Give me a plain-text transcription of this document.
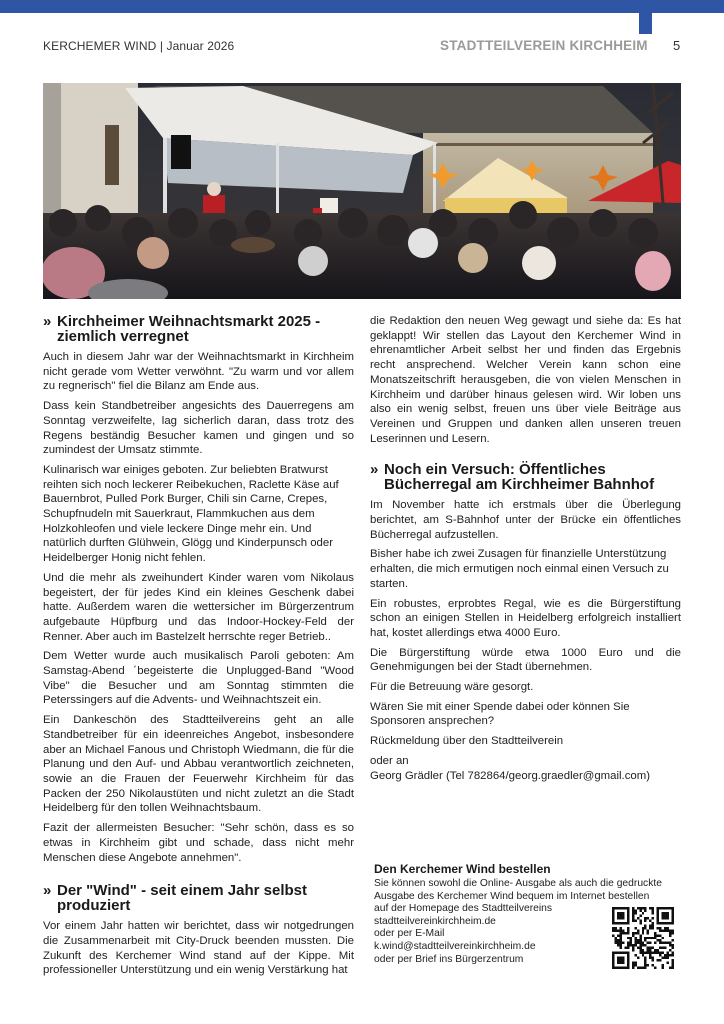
KERCHEMER WIND | Januar 2026	STADTTEILVEREIN KIRCHHEIM 5
» Kirchheimer Weihnachtsmarkt 2025 - ziemlich verregnet

Auch in diesem Jahr war der Weihnachtsmarkt in Kirchheim nicht gerade vom Wetter verwöhnt. "Zu warm und vor allem zu regnerisch" fiel die Bilanz am Ende aus.

Dass kein Standbetreiber angesichts des Dauerregens am Sonntag verzweifelte, lag sicherlich daran, dass trotz des Regens beständig Besucher kamen und gingen und so zumindest der Umsatz stimmte.

Kulinarisch war einiges geboten. Zur beliebten Bratwurst reihten sich noch leckerer Reibekuchen, Raclette Käse auf Bauernbrot, Pulled Pork Burger, Chili sin Carne, Crepes, Schupfnudeln mit Sauerkraut, Flammkuchen aus dem Holzkohleofen und viele leckere Dinge mehr ein. Und natürlich durften Glühwein, Glögg und Kinderpunsch oder Heidelberger Honig nicht fehlen.

Und die mehr als zweihundert Kinder waren vom Nikolaus begeistert, der für jedes Kind ein kleines Geschenk dabei hatte. Außerdem waren die wettersicher im Bürgerzentrum aufgebaute Hüpfburg und das Indoor-Hockey-Feld der Renner. Aber auch im Bastelzelt herrschte reger Betrieb..

Dem Wetter wurde auch musikalisch Paroli geboten: Am Samstag-Abend ´begeisterte die Unplugged-Band "Wood Vibe" die Besucher und am Sonntag stimmten die Peterssingers auf die Advents- und Weihnachtszeit ein.

Ein Dankeschön des Stadtteilvereins geht an alle Standbetreiber für ein ideenreiches Angebot, insbesondere aber an Michael Fanous und Christoph Wiedmann, die für die Planung und den Auf- und Abbau verantwortlich zeichneten, sowie an die Frauen der Feuerwehr Kirchheim für das Packen der 250 Nikolaustüten und nicht zuletzt an die Stadt Heidelberg für den tollen Weihnachtsbaum.

Fazit der allermeisten Besucher: "Sehr schön, dass es so etwas in Kirchheim gibt und schade, dass nicht mehr Menschen diese Angebote annehmen".

» Der "Wind" - seit einem Jahr selbst produziert

Vor einem Jahr hatten wir berichtet, dass wir notgedrungen die Zusammenarbeit mit City-Druck beenden mussten. Die Zukunft des Kerchemer Wind stand auf der Kippe. Mit professioneller Unterstützung und ein wenig Verstärkung hat

die Redaktion den neuen Weg gewagt und siehe da: Es hat geklappt! Wir stellen das Layout den Kerchemer Wind in ehrenamtlicher Arbeit selbst her und finden das Ergebnis recht ansprechend. Welcher Verein kann schon eine Monatszeitschrift herausgeben, die von vielen Menschen in Kirchheim und darüber hinaus gelesen wird. Wir loben uns also ein wenig selbst, freuen uns über viele Beiträge aus Vereinen und Gruppen und danken allen unseren treuen Leserinnen und Lesern.

» Noch ein Versuch: Öffentliches Bücherregal am Kirchheimer Bahnhof

Im November hatte ich erstmals über die Überlegung berichtet, am S-Bahnhof unter der Brücke ein öffentliches Bücherregal aufzustellen.

Bisher habe ich zwei Zusagen für finanzielle Unterstützung erhalten, die mich ermutigen noch einmal einen Versuch zu starten.

Ein robustes, erprobtes Regal, wie es die Bürgerstiftung schon an einigen Stellen in Heidelberg erfolgreich installiert hat, kostet allerdings etwa 4000 Euro.

Die Bürgerstiftung würde etwa 1000 Euro und die Genehmigungen bei der Stadt übernehmen.

Für die Betreuung wäre gesorgt.

Wären Sie mit einer Spende dabei oder können Sie Sponsoren ansprechen?

Rückmeldung über den Stadtteilverein

oder an

Georg Grädler (Tel 782864/georg.graedler@gmail.com)

Den Kerchemer Wind bestellen
Sie können sowohl die Online- Ausgabe als auch die gedruckte
Ausgabe des Kerchemer Wind bequem im Internet bestellen
auf der Homepage des Stadtteilvereins
stadtteilvereinkirchheim.de
oder per E-Mail
k.wind@stadtteilvereinkirchheim.de
oder per Brief ins Bürgerzentrum
